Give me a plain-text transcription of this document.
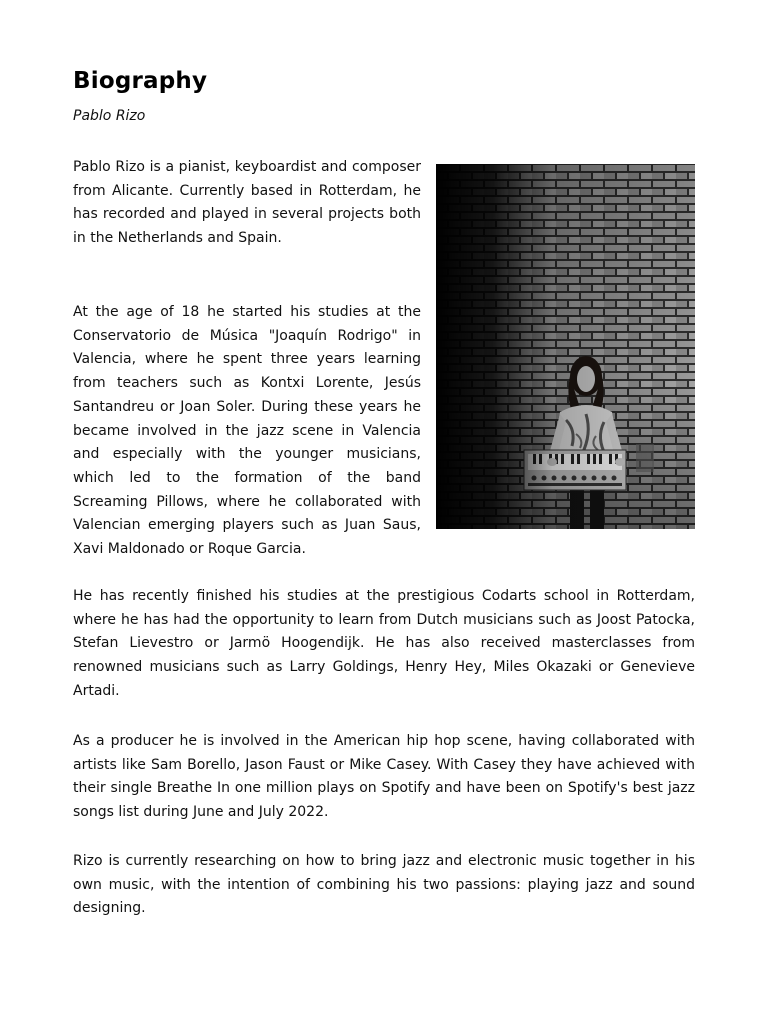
Biography
Pablo Rizo

Pablo Rizo is a pianist, keyboardist and composer from Alicante. Currently based in Rotterdam, he has recorded and played in several projects both in the Netherlands and Spain.

At the age of 18 he started his studies at the Conservatorio de Música "Joaquín Rodrigo" in Valencia, where he spent three years learning from teachers such as Kontxi Lorente, Jesús Santandreu or Joan Soler. During these years he became involved in the jazz scene in Valencia and especially with the younger musicians, which led to the formation of the band Screaming Pillows, where he collaborated with Valencian emerging players such as Juan Saus, Xavi Maldonado or Roque Garcia.

He has recently finished his studies at the prestigious Codarts school in Rotterdam, where he has had the opportunity to learn from Dutch musicians such as Joost Patocka, Stefan Lievestro or Jarmö Hoogendijk. He has also received masterclasses from renowned musicians such as Larry Goldings, Henry Hey, Miles Okazaki or Genevieve Artadi.

As a producer he is involved in the American hip hop scene, having collaborated with artists like Sam Borello, Jason Faust or Mike Casey. With Casey they have achieved with their single Breathe In one million plays on Spotify and have been on Spotify's best jazz songs list during June and July 2022.

Rizo is currently researching on how to bring jazz and electronic music together in his own music, with the intention of combining his two passions: playing jazz and sound designing.
